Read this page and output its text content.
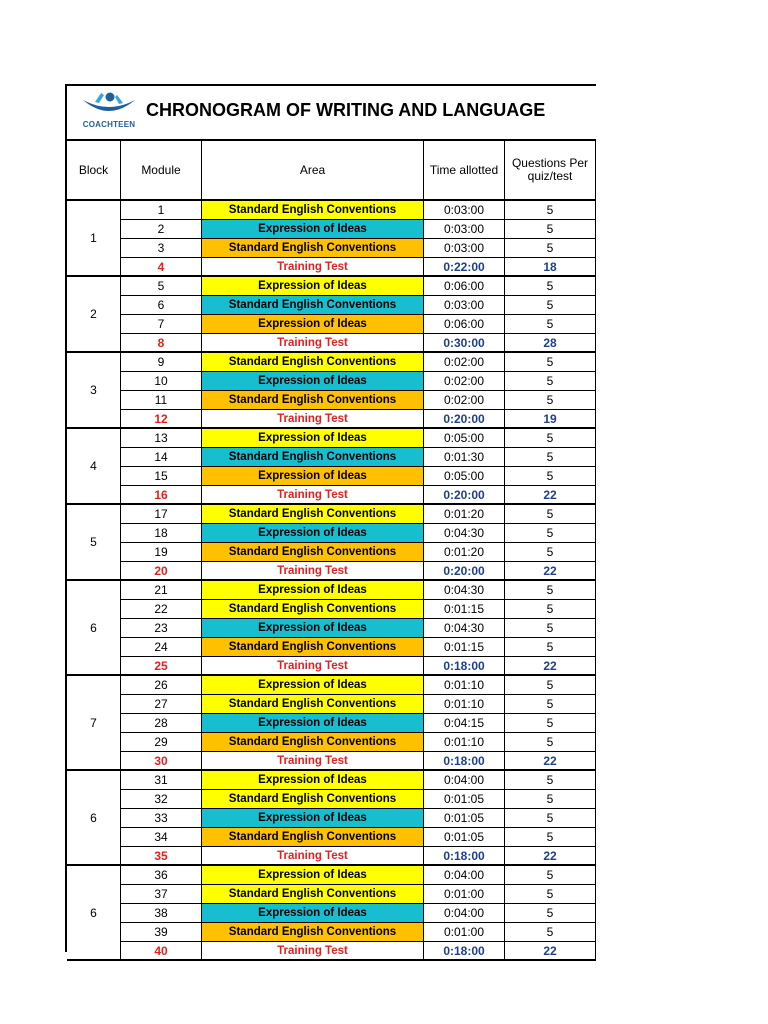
COACHTEEN
CHRONOGRAM OF WRITING AND LANGUAGE
Block	Module	Area	Time allotted	Questions Per quiz/test
1
1	Standard English Conventions	0:03:00	5
2	Expression of Ideas	0:03:00	5
3	Standard English Conventions	0:03:00	5
4	Training Test	0:22:00	18
2
5	Expression of Ideas	0:06:00	5
6	Standard English Conventions	0:03:00	5
7	Expression of Ideas	0:06:00	5
8	Training Test	0:30:00	28
3
9	Standard English Conventions	0:02:00	5
10	Expression of Ideas	0:02:00	5
11	Standard English Conventions	0:02:00	5
12	Training Test	0:20:00	19
4
13	Expression of Ideas	0:05:00	5
14	Standard English Conventions	0:01:30	5
15	Expression of Ideas	0:05:00	5
16	Training Test	0:20:00	22
5
17	Standard English Conventions	0:01:20	5
18	Expression of Ideas	0:04:30	5
19	Standard English Conventions	0:01:20	5
20	Training Test	0:20:00	22
6
21	Expression of Ideas	0:04:30	5
22	Standard English Conventions	0:01:15	5
23	Expression of Ideas	0:04:30	5
24	Standard English Conventions	0:01:15	5
25	Training Test	0:18:00	22
7
26	Expression of Ideas	0:01:10	5
27	Standard English Conventions	0:01:10	5
28	Expression of Ideas	0:04:15	5
29	Standard English Conventions	0:01:10	5
30	Training Test	0:18:00	22
6
31	Expression of Ideas	0:04:00	5
32	Standard English Conventions	0:01:05	5
33	Expression of Ideas	0:01:05	5
34	Standard English Conventions	0:01:05	5
35	Training Test	0:18:00	22
6
36	Expression of Ideas	0:04:00	5
37	Standard English Conventions	0:01:00	5
38	Expression of Ideas	0:04:00	5
39	Standard English Conventions	0:01:00	5
40	Training Test	0:18:00	22
